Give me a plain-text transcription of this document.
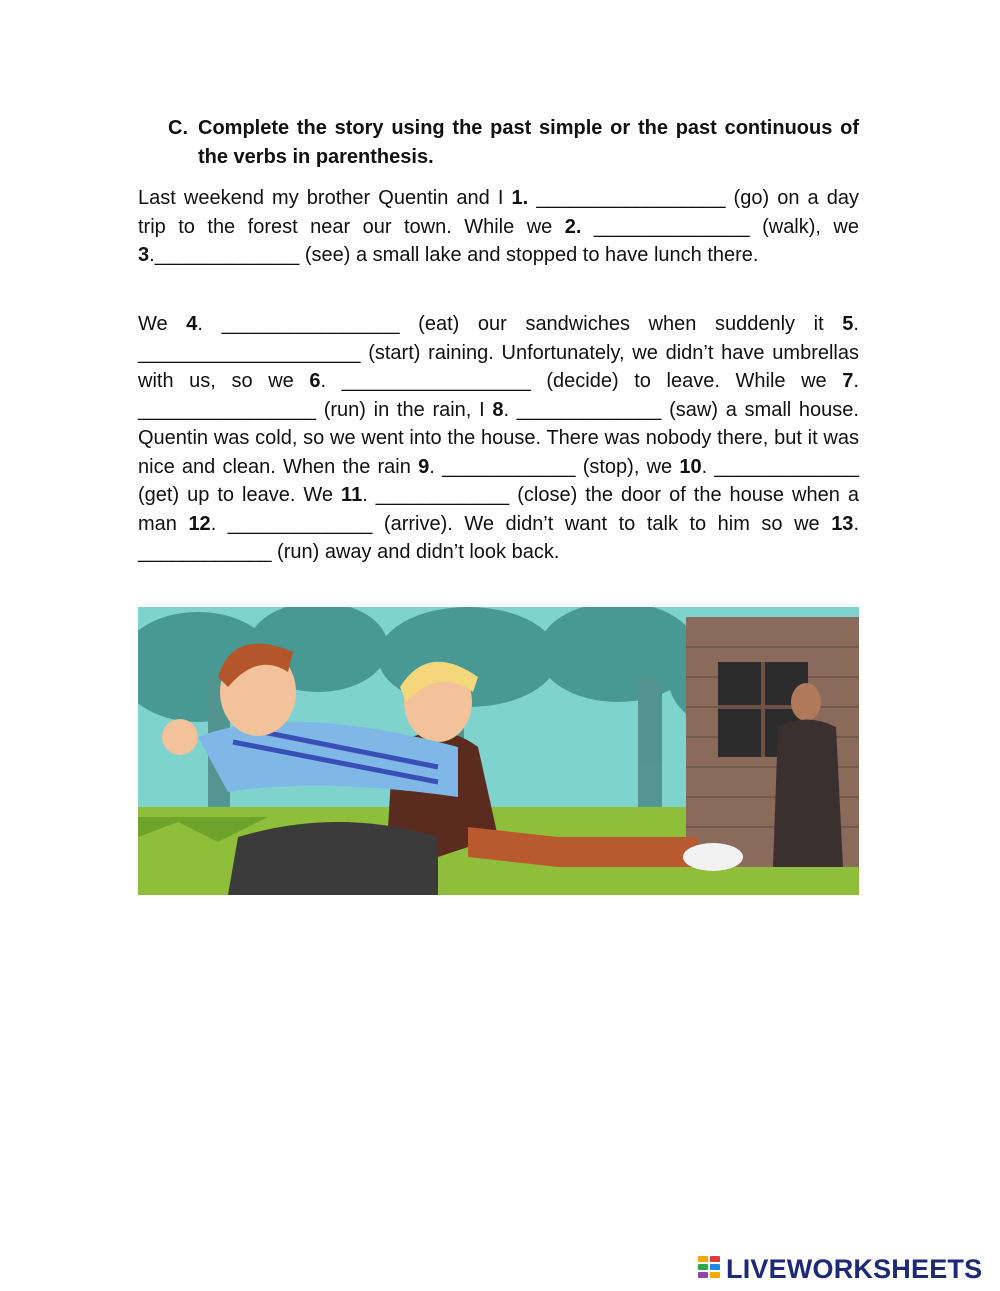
C. Complete the story using the past simple or the past continuous of the verbs in parenthesis.
Last weekend my brother Quentin and I 1. _________________ (go) on a day trip to the forest near our town. While we 2. ______________ (walk), we 3._____________ (see) a small lake and stopped to have lunch there.
We 4. ________________ (eat) our sandwiches when suddenly it 5. ____________________ (start) raining. Unfortunately, we didn’t have umbrellas with us, so we 6. _________________ (decide) to leave. While we 7. ________________ (run) in the rain, I 8. _____________ (saw) a small house. Quentin was cold, so we went into the house. There was nobody there, but it was nice and clean. When the rain 9. ____________ (stop), we 10. _____________ (get) up to leave. We 11. ____________ (close) the door of the house when a man 12. _____________ (arrive). We didn’t want to talk to him so we 13. ____________ (run) away and didn’t look back.
LIVEWORKSHEETS
